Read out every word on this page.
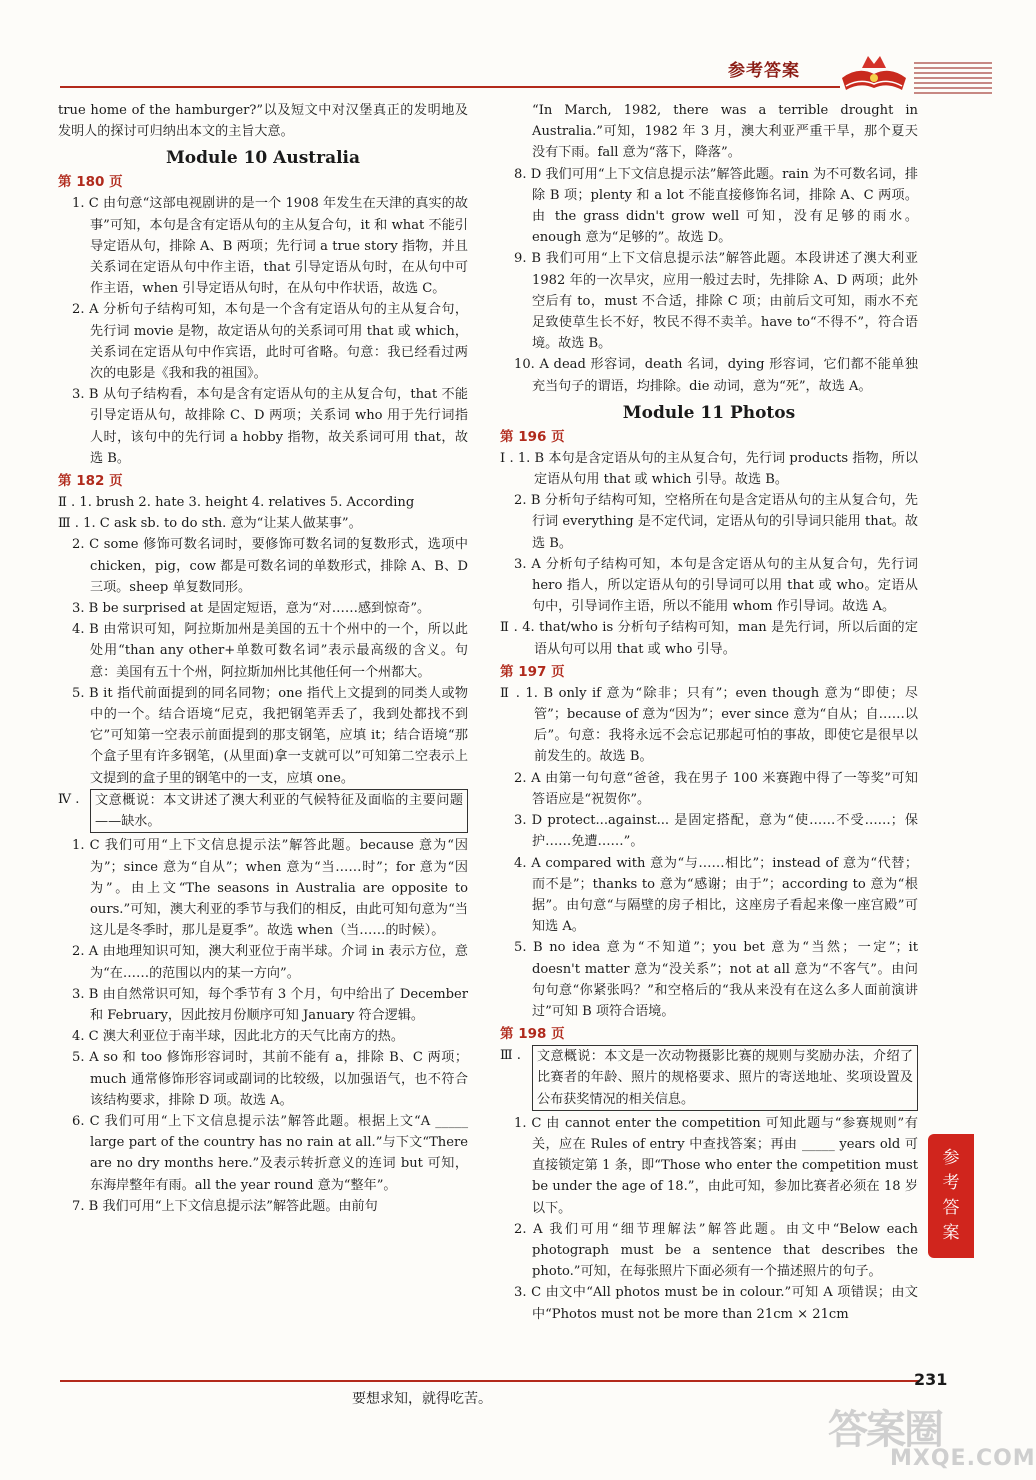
参考答案
true home of the hamburger?”以及短文中对汉堡真正的发明地及发明人的探讨可归纳出本文的主旨大意。
Module 10 Australia
第 180 页
1. C 由句意“这部电视剧讲的是一个 1908 年发生在天津的真实的故事”可知，本句是含有定语从句的主从复合句，it 和 what 不能引导定语从句，排除 A、B 两项；先行词 a true story 指物，并且关系词在定语从句中作主语，that 引导定语从句时，在从句中可作主语，when 引导定语从句时，在从句中作状语，故选 C。
2. A 分析句子结构可知，本句是一个含有定语从句的主从复合句，先行词 movie 是物，故定语从句的关系词可用 that 或 which，关系词在定语从句中作宾语，此时可省略。句意：我已经看过两次的电影是《我和我的祖国》。
3. B 从句子结构看，本句是含有定语从句的主从复合句，that 不能引导定语从句，故排除 C、D 两项；关系词 who 用于先行词指人时，该句中的先行词 a hobby 指物，故关系词可用 that，故选 B。
第 182 页
Ⅱ . 1. brush 2. hate 3. height 4. relatives 5. According
Ⅲ . 1. C ask sb. to do sth. 意为“让某人做某事”。
2. C some 修饰可数名词时，要修饰可数名词的复数形式，选项中 chicken，pig，cow 都是可数名词的单数形式，排除 A、B、D 三项。sheep 单复数同形。
3. B be surprised at 是固定短语，意为“对……感到惊奇”。
4. B 由常识可知，阿拉斯加州是美国的五十个州中的一个，所以此处用“than any other+单数可数名词”表示最高级的含义。句意：美国有五十个州，阿拉斯加州比其他任何一个州都大。
5. B it 指代前面提到的同名同物；one 指代上文提到的同类人或物中的一个。结合语境“尼克，我把钢笔弄丢了，我到处都找不到它”可知第一空表示前面提到的那支钢笔，应填 it；结合语境“那个盒子里有许多钢笔，(从里面)拿一支就可以”可知第二空表示上文提到的盒子里的钢笔中的一支，应填 one。
Ⅳ .	文意概说：本文讲述了澳大利亚的气候特征及面临的主要问题——缺水。
1. C 我们可用“上下文信息提示法”解答此题。because 意为“因为”；since 意为“自从”；when 意为“当……时”；for 意为“因为”。由上文“The seasons in Australia are opposite to ours.”可知，澳大利亚的季节与我们的相反，由此可知句意为“当这儿是冬季时，那儿是夏季”。故选 when（当……的时候）。
2. A 由地理知识可知，澳大利亚位于南半球。介词 in 表示方位，意为“在……的范围以内的某一方向”。
3. B 由自然常识可知，每个季节有 3 个月，句中给出了 December 和 February，因此按月份顺序可知 January 符合逻辑。
4. C 澳大利亚位于南半球，因此北方的天气比南方的热。
5. A so 和 too 修饰形容词时，其前不能有 a，排除 B、C 两项；much 通常修饰形容词或副词的比较级，以加强语气，也不符合该结构要求，排除 D 项。故选 A。
6. C 我们可用“上下文信息提示法”解答此题。根据上文“A _____ large part of the country has no rain at all.”与下文“There are no dry months here.”及表示转折意义的连词 but 可知，东海岸整年有雨。all the year round 意为“整年”。
7. B 我们可用“上下文信息提示法”解答此题。由前句
“In March, 1982, there was a terrible drought in Australia.”可知，1982 年 3 月，澳大利亚严重干旱，那个夏天没有下雨。fall 意为“落下，降落”。
8. D 我们可用“上下文信息提示法”解答此题。rain 为不可数名词，排除 B 项；plenty 和 a lot 不能直接修饰名词，排除 A、C 两项。由 the grass didn't grow well 可知，没有足够的雨水。enough 意为“足够的”。故选 D。
9. B 我们可用“上下文信息提示法”解答此题。本段讲述了澳大利亚 1982 年的一次旱灾，应用一般过去时，先排除 A、D 两项；此外空后有 to，must 不合适，排除 C 项；由前后文可知，雨水不充足致使草生长不好，牧民不得不卖羊。have to“不得不”，符合语境。故选 B。
10. A dead 形容词，death 名词，dying 形容词，它们都不能单独充当句子的谓语，均排除。die 动词，意为“死”，故选 A。
Module 11 Photos
第 196 页
Ⅰ . 1. B 本句是含定语从句的主从复合句，先行词 products 指物，所以定语从句用 that 或 which 引导。故选 B。
2. B 分析句子结构可知，空格所在句是含定语从句的主从复合句，先行词 everything 是不定代词，定语从句的引导词只能用 that。故选 B。
3. A 分析句子结构可知，本句是含定语从句的主从复合句，先行词 hero 指人，所以定语从句的引导词可以用 that 或 who。定语从句中，引导词作主语，所以不能用 whom 作引导词。故选 A。
Ⅱ . 4. that/who is 分析句子结构可知，man 是先行词，所以后面的定语从句可以用 that 或 who 引导。
第 197 页
Ⅱ . 1. B only if 意为“除非；只有”；even though 意为“即使；尽管”；because of 意为“因为”；ever since 意为“自从；自……以后”。句意：我将永远不会忘记那起可怕的事故，即使它是很早以前发生的。故选 B。
2. A 由第一句句意“爸爸，我在男子 100 米赛跑中得了一等奖”可知答语应是“祝贺你”。
3. D protect...against... 是固定搭配，意为“使……不受……；保护……免遭……”。
4. A compared with 意为“与……相比”；instead of 意为“代替；而不是”；thanks to 意为“感谢；由于”；according to 意为“根据”。由句意“与隔壁的房子相比，这座房子看起来像一座宫殿”可知选 A。
5. B no idea 意为“不知道”；you bet 意为“当然；一定”；it doesn't matter 意为“没关系”；not at all 意为“不客气”。由问句句意“你紧张吗？”和空格后的“我从来没有在这么多人面前演讲过”可知 B 项符合语境。
第 198 页
Ⅲ .	文意概说：本文是一次动物摄影比赛的规则与奖励办法，介绍了比赛者的年龄、照片的规格要求、照片的寄送地址、奖项设置及公布获奖情况的相关信息。
1. C 由 cannot enter the competition 可知此题与“参赛规则”有关，应在 Rules of entry 中查找答案；再由 _____ years old 可直接锁定第 1 条，即“Those who enter the competition must be under the age of 18.”，由此可知，参加比赛者必须在 18 岁以下。
2. A 我们可用“细节理解法”解答此题。由文中“Below each photograph must be a sentence that describes the photo.”可知，在每张照片下面必须有一个描述照片的句子。
3. C 由文中“All photos must be in colour.”可知 A 项错误；由文中“Photos must not be more than 21cm × 21cm
参考答案
要想求知，就得吃苦。
231
答案圈
MXQE.COM
